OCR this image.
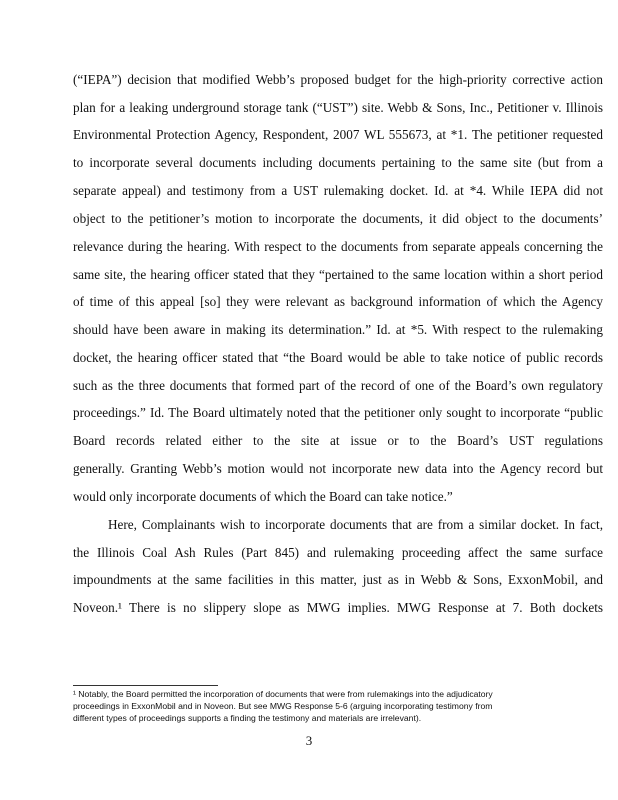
(“IEPA”) decision that modified Webb’s proposed budget for the high-priority corrective action
plan for a leaking underground storage tank (“UST”) site. Webb & Sons, Inc., Petitioner v. Illinois
Environmental Protection Agency, Respondent, 2007 WL 555673, at *1. The petitioner requested
to incorporate several documents including documents pertaining to the same site (but from a
separate appeal) and testimony from a UST rulemaking docket. Id. at *4. While IEPA did not
object to the petitioner’s motion to incorporate the documents, it did object to the documents’
relevance during the hearing. With respect to the documents from separate appeals concerning the
same site, the hearing officer stated that they “pertained to the same location within a short period
of time of this appeal [so] they were relevant as background information of which the Agency
should have been aware in making its determination.” Id. at *5. With respect to the rulemaking
docket, the hearing officer stated that “the Board would be able to take notice of public records
such as the three documents that formed part of the record of one of the Board’s own regulatory
proceedings.” Id. The Board ultimately noted that the petitioner only sought to incorporate “public
Board records related either to the site at issue or to the Board’s UST regulations
generally. Granting Webb’s motion would not incorporate new data into the Agency record but
would only incorporate documents of which the Board can take notice.”
Here, Complainants wish to incorporate documents that are from a similar docket. In fact,
the Illinois Coal Ash Rules (Part 845) and rulemaking proceeding affect the same surface
impoundments at the same facilities in this matter, just as in Webb & Sons, ExxonMobil, and
Noveon.¹ There is no slippery slope as MWG implies. MWG Response at 7. Both dockets
¹ Notably, the Board permitted the incorporation of documents that were from rulemakings into the adjudicatory
proceedings in ExxonMobil and in Noveon. But see MWG Response 5-6 (arguing incorporating testimony from
different types of proceedings supports a finding the testimony and materials are irrelevant).
3
